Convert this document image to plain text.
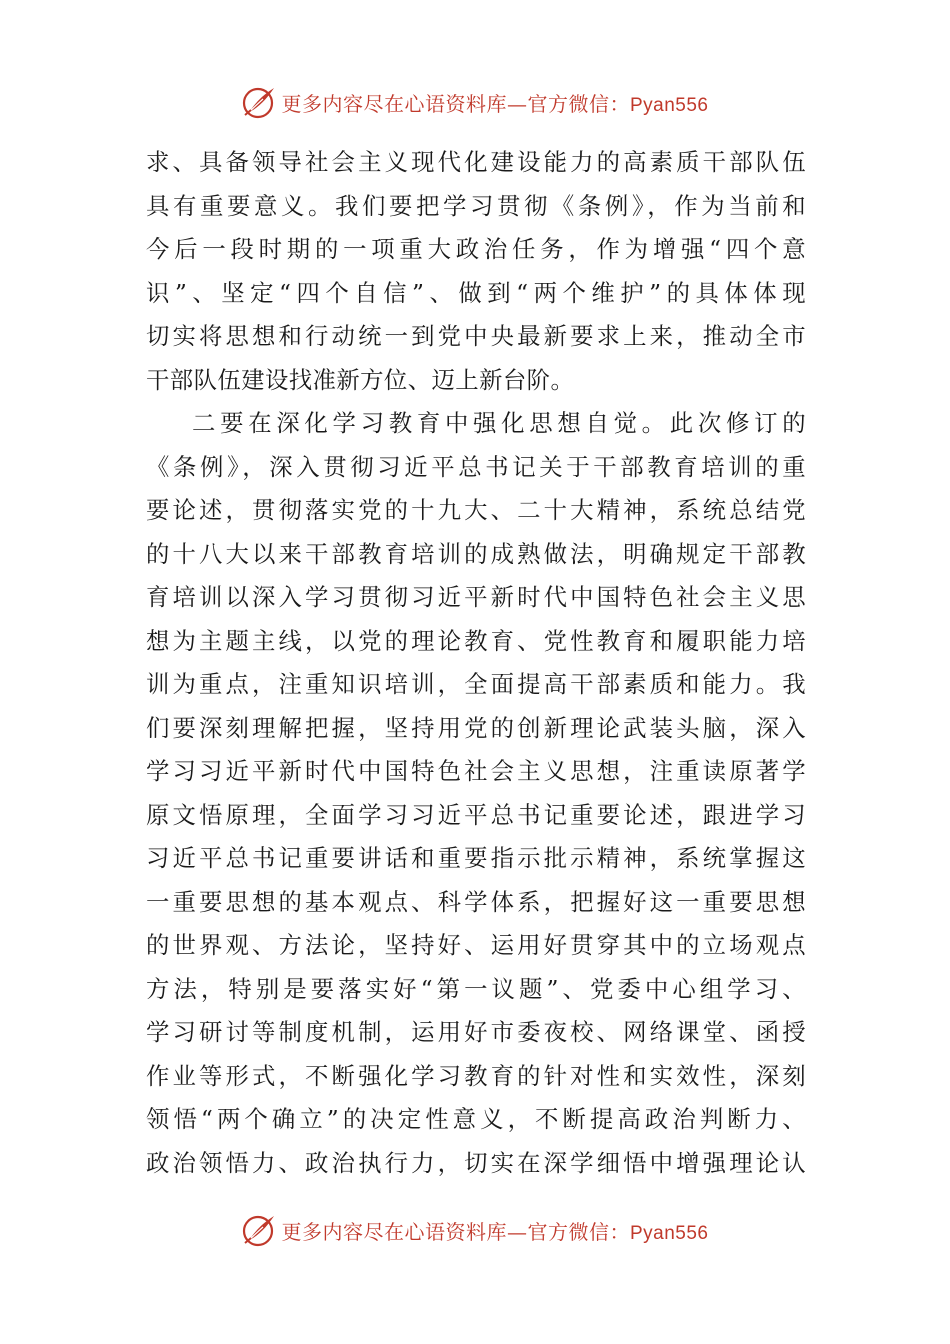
更多内容尽在心语资料库—官方微信：Pyan556
求、具备领导社会主义现代化建设能力的高素质干部队伍
具有重要意义。我们要把学习贯彻《条例》，作为当前和
今后一段时期的一项重大政治任务，作为增强“四个意
识”、坚定“四个自信”、做到“两个维护”的具体体现
切实将思想和行动统一到党中央最新要求上来，推动全市
干部队伍建设找准新方位、迈上新台阶。
二要在深化学习教育中强化思想自觉。此次修订的
《条例》，深入贯彻习近平总书记关于干部教育培训的重
要论述，贯彻落实党的十九大、二十大精神，系统总结党
的十八大以来干部教育培训的成熟做法，明确规定干部教
育培训以深入学习贯彻习近平新时代中国特色社会主义思
想为主题主线，以党的理论教育、党性教育和履职能力培
训为重点，注重知识培训，全面提高干部素质和能力。我
们要深刻理解把握，坚持用党的创新理论武装头脑，深入
学习习近平新时代中国特色社会主义思想，注重读原著学
原文悟原理，全面学习习近平总书记重要论述，跟进学习
习近平总书记重要讲话和重要指示批示精神，系统掌握这
一重要思想的基本观点、科学体系，把握好这一重要思想
的世界观、方法论，坚持好、运用好贯穿其中的立场观点
方法，特别是要落实好“第一议题”、党委中心组学习、
学习研讨等制度机制，运用好市委夜校、网络课堂、函授
作业等形式，不断强化学习教育的针对性和实效性，深刻
领悟“两个确立”的决定性意义，不断提高政治判断力、
政治领悟力、政治执行力，切实在深学细悟中增强理论认
更多内容尽在心语资料库—官方微信：Pyan556
